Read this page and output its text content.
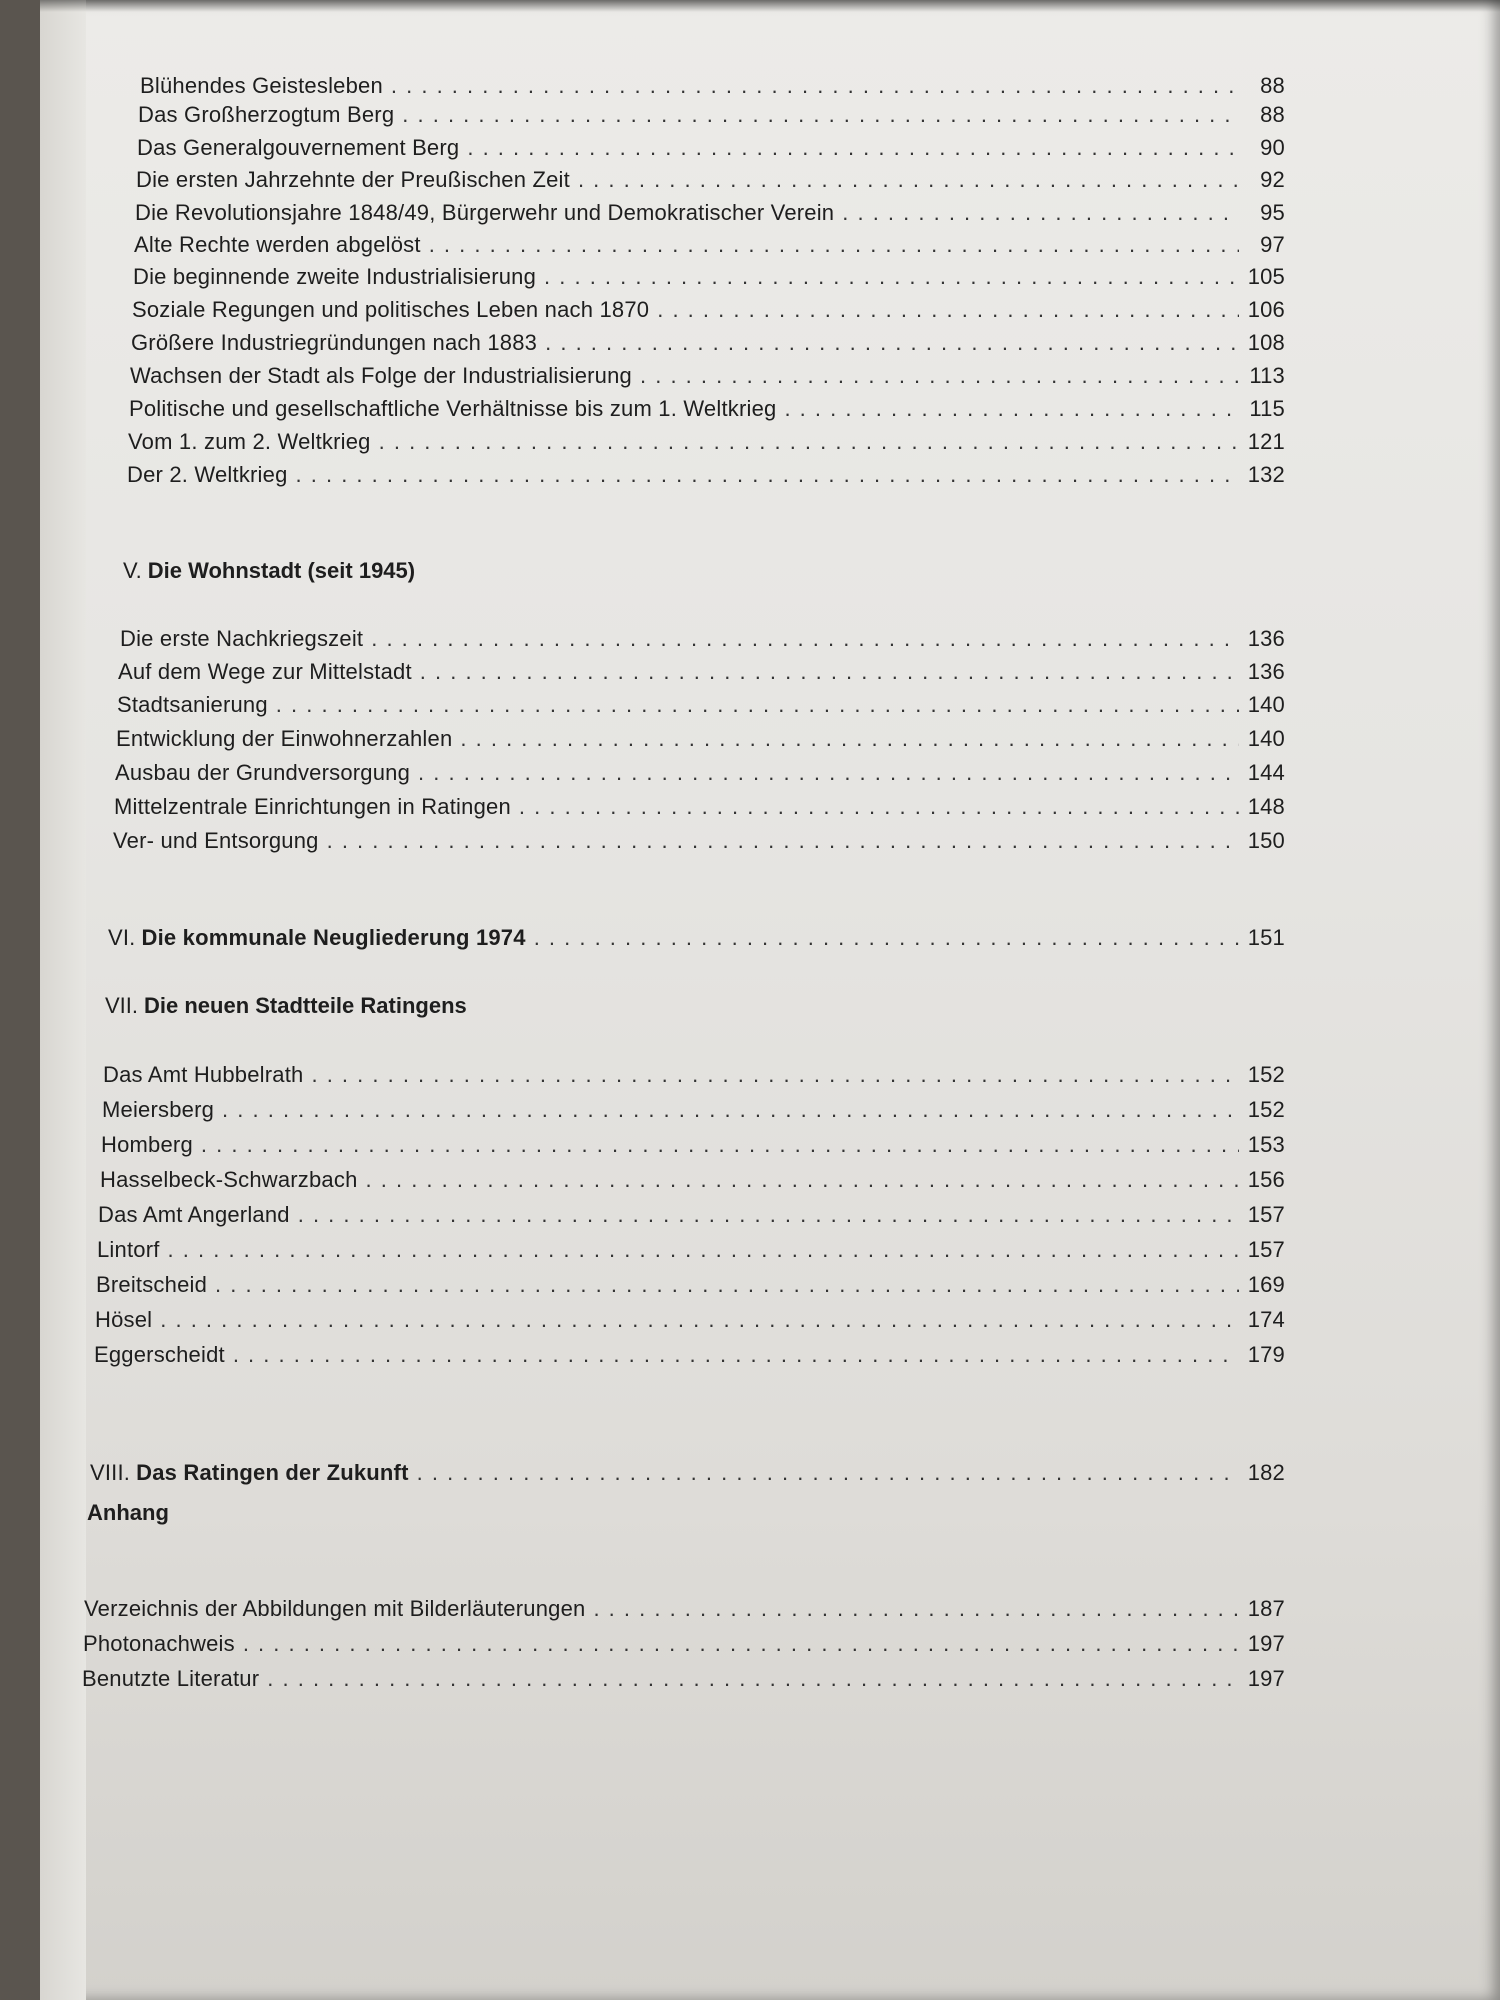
Blühendes Geistesleben . . .	88
Das Großherzogtum Berg . . .	88
Das Generalgouvernement Berg . . .	90
Die ersten Jahrzehnte der Preußischen Zeit . . .	92
Die Revolutionsjahre 1848/49, Bürgerwehr und Demokratischer Verein . . .	95
Alte Rechte werden abgelöst . . .	97
Die beginnende zweite Industrialisierung . . .	105
Soziale Regungen und politisches Leben nach 1870 . . .	106
Größere Industriegründungen nach 1883 . . .	108
Wachsen der Stadt als Folge der Industrialisierung . . .	113
Politische und gesellschaftliche Verhältnisse bis zum 1. Weltkrieg . . .	115
Vom 1. zum 2. Weltkrieg . . .	121
Der 2. Weltkrieg . . .	132
V. Die Wohnstadt (seit 1945)
Die erste Nachkriegszeit . . .	136
Auf dem Wege zur Mittelstadt . . .	136
Stadtsanierung . . .	140
Entwicklung der Einwohnerzahlen . . .	140
Ausbau der Grundversorgung . . .	144
Mittelzentrale Einrichtungen in Ratingen . . .	148
Ver- und Entsorgung . . .	150
VI. Die kommunale Neugliederung 1974 . . .	151
VII. Die neuen Stadtteile Ratingens
Das Amt Hubbelrath . . .	152
Meiersberg . . .	152
Homberg . . .	153
Hasselbeck-Schwarzbach . . .	156
Das Amt Angerland . . .	157
Lintorf . . .	157
Breitscheid . . .	169
Hösel . . .	174
Eggerscheidt . . .	179
VIII. Das Ratingen der Zukunft . . .	182
Anhang
Verzeichnis der Abbildungen mit Bilderläuterungen . . .	187
Photonachweis . . .	197
Benutzte Literatur . . .	197
